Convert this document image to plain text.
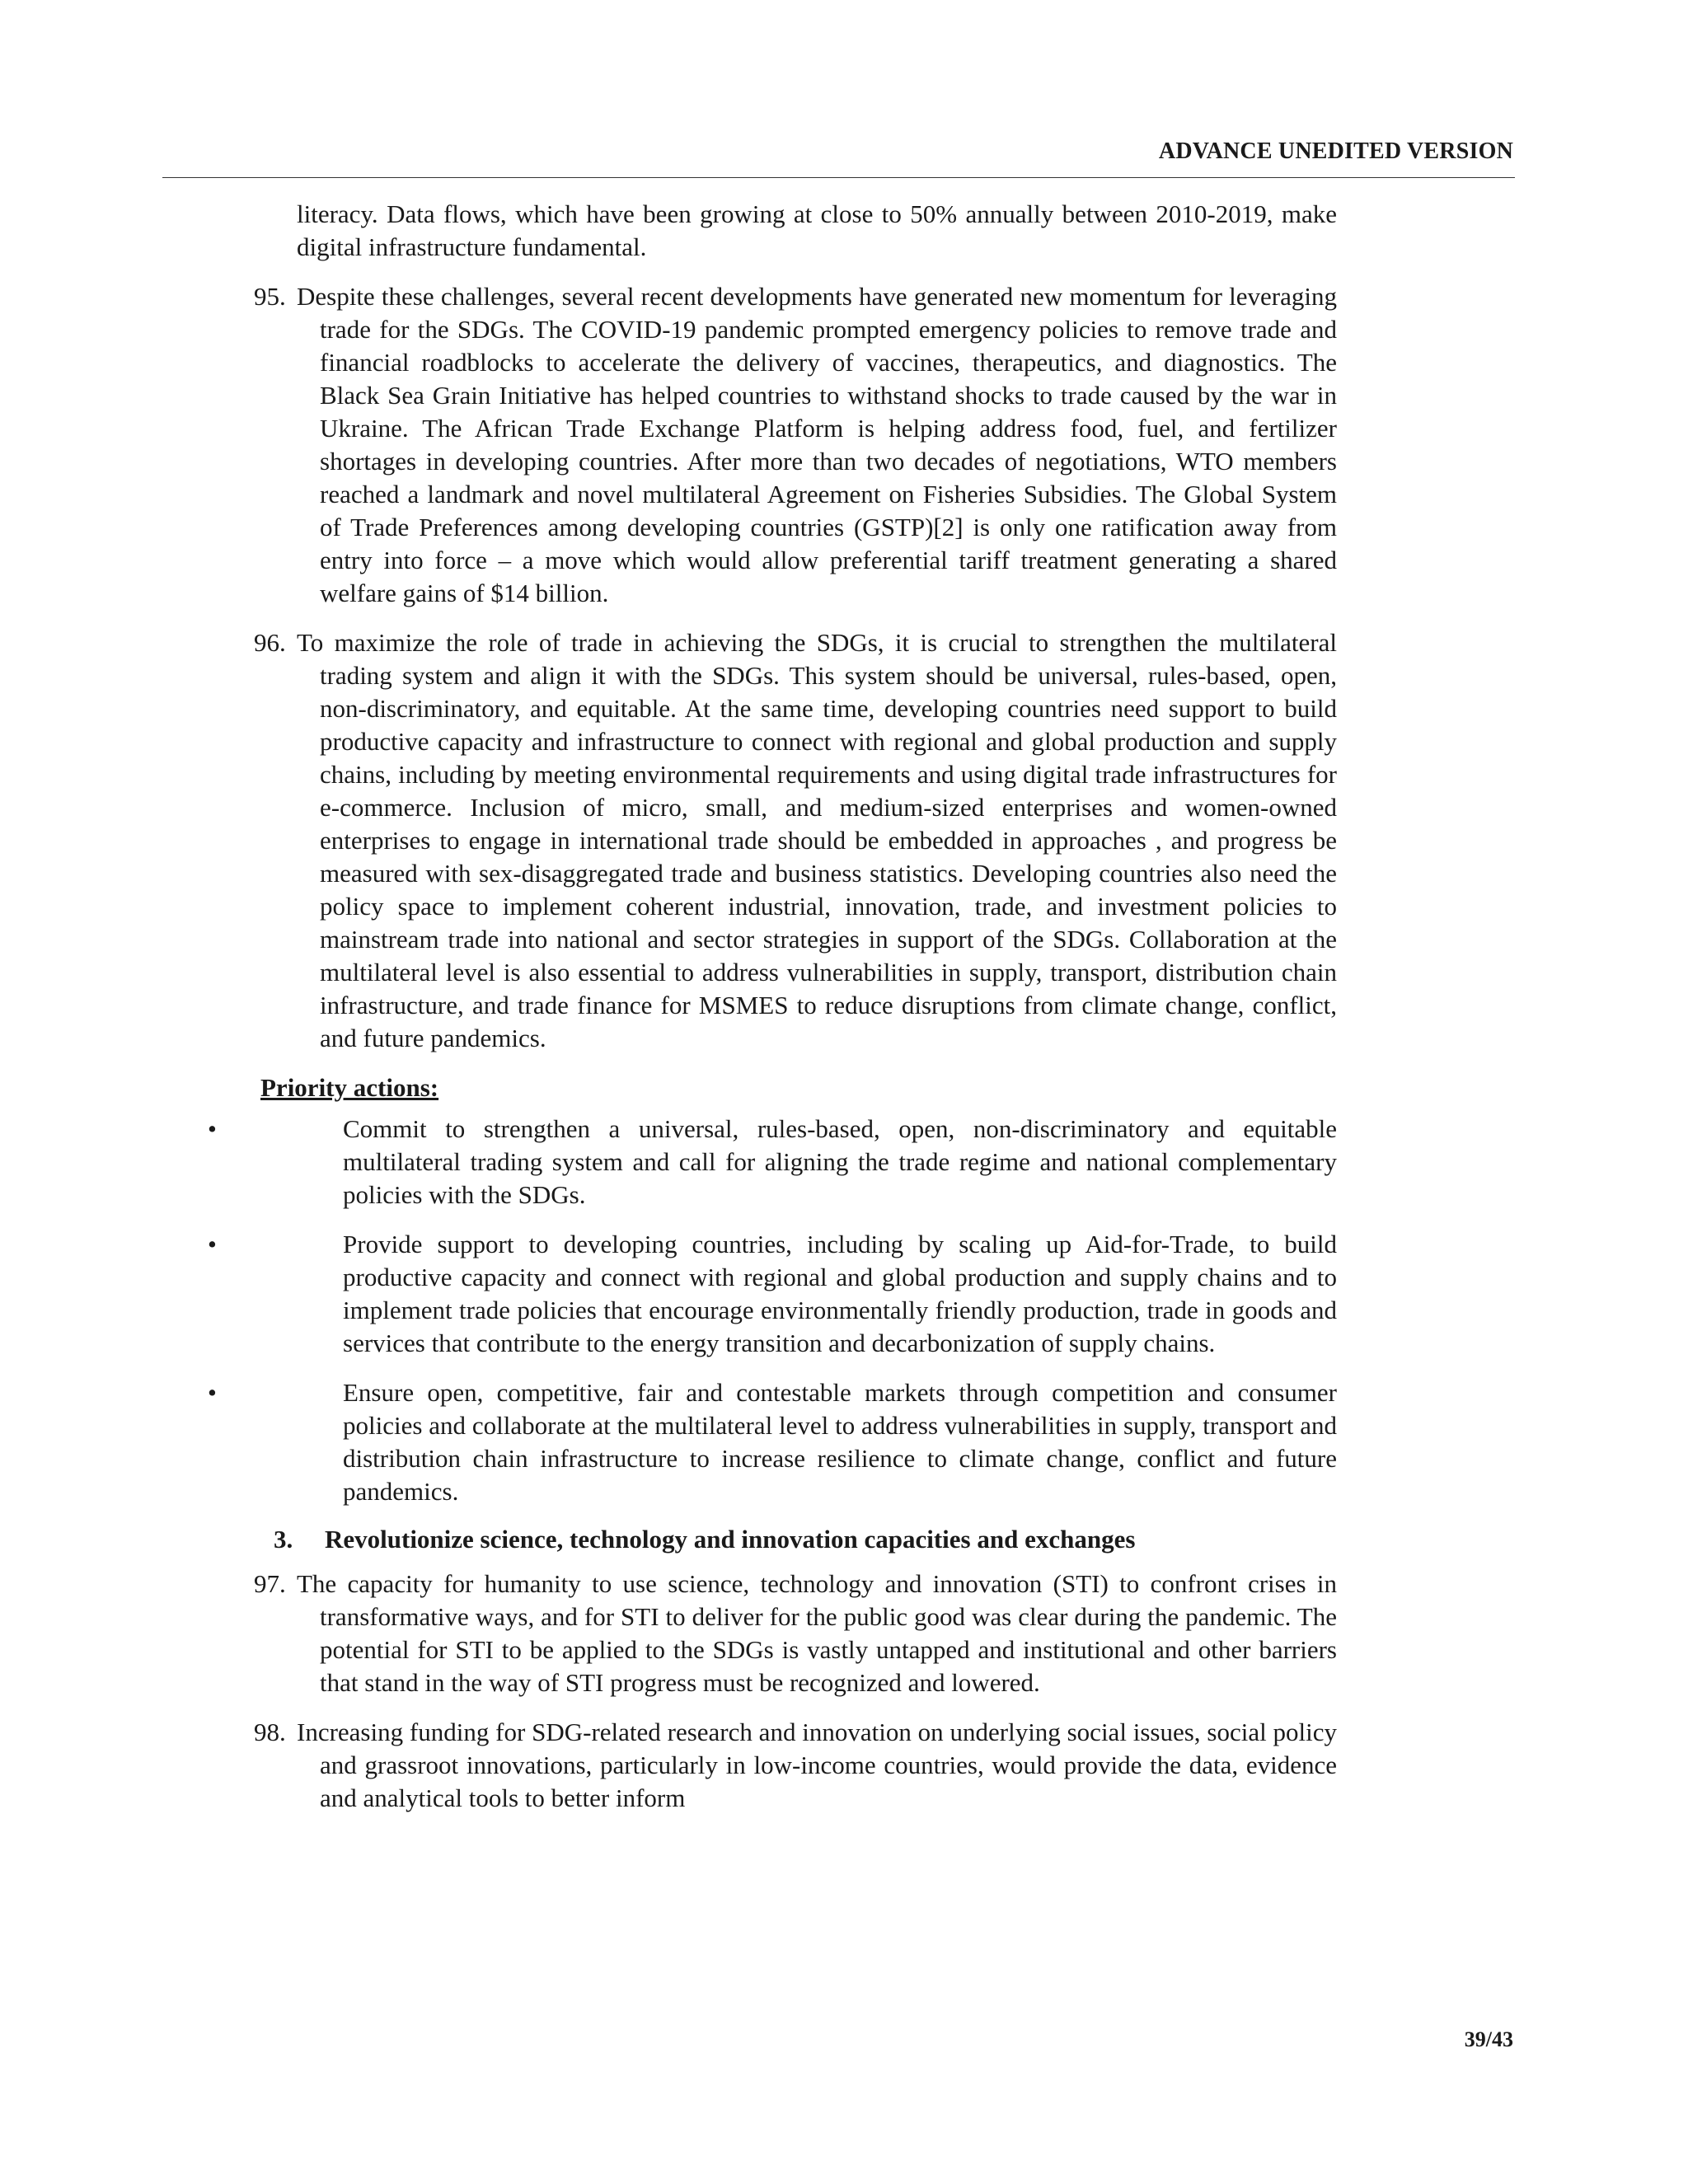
ADVANCE UNEDITED VERSION

literacy. Data flows, which have been growing at close to 50% annually between 2010-2019, make digital infrastructure fundamental.

95. Despite these challenges, several recent developments have generated new momentum for leveraging trade for the SDGs. The COVID-19 pandemic prompted emergency policies to remove trade and financial roadblocks to accelerate the delivery of vaccines, therapeutics, and diagnostics. The Black Sea Grain Initiative has helped countries to withstand shocks to trade caused by the war in Ukraine. The African Trade Exchange Platform is helping address food, fuel, and fertilizer shortages in developing countries. After more than two decades of negotiations, WTO members reached a landmark and novel multilateral Agreement on Fisheries Subsidies. The Global System of Trade Preferences among developing countries (GSTP)[2] is only one ratification away from entry into force – a move which would allow preferential tariff treatment generating a shared welfare gains of $14 billion.
96. To maximize the role of trade in achieving the SDGs, it is crucial to strengthen the multilateral trading system and align it with the SDGs. This system should be universal, rules-based, open, non-discriminatory, and equitable. At the same time, developing countries need support to build productive capacity and infrastructure to connect with regional and global production and supply chains, including by meeting environmental requirements and using digital trade infrastructures for e-commerce. Inclusion of micro, small, and medium-sized enterprises and women-owned enterprises to engage in international trade should be embedded in approaches , and progress be measured with sex-disaggregated trade and business statistics. Developing countries also need the policy space to implement coherent industrial, innovation, trade, and investment policies to mainstream trade into national and sector strategies in support of the SDGs. Collaboration at the multilateral level is also essential to address vulnerabilities in supply, transport, distribution chain infrastructure, and trade finance for MSMES to reduce disruptions from climate change, conflict, and future pandemics.
Priority actions:
•	Commit to strengthen a universal, rules-based, open, non-discriminatory and equitable multilateral trading system and call for aligning the trade regime and national complementary policies with the SDGs.
•	Provide support to developing countries, including by scaling up Aid-for-Trade, to build productive capacity and connect with regional and global production and supply chains and to implement trade policies that encourage environmentally friendly production, trade in goods and services that contribute to the energy transition and decarbonization of supply chains.
•	Ensure open, competitive, fair and contestable markets through competition and consumer policies and collaborate at the multilateral level to address vulnerabilities in supply, transport and distribution chain infrastructure to increase resilience to climate change, conflict and future pandemics.
3. Revolutionize science, technology and innovation capacities and exchanges
97. The capacity for humanity to use science, technology and innovation (STI) to confront crises in transformative ways, and for STI to deliver for the public good was clear during the pandemic. The potential for STI to be applied to the SDGs is vastly untapped and institutional and other barriers that stand in the way of STI progress must be recognized and lowered.
98. Increasing funding for SDG-related research and innovation on underlying social issues, social policy and grassroot innovations, particularly in low-income countries, would provide the data, evidence and analytical tools to better inform
39/43
